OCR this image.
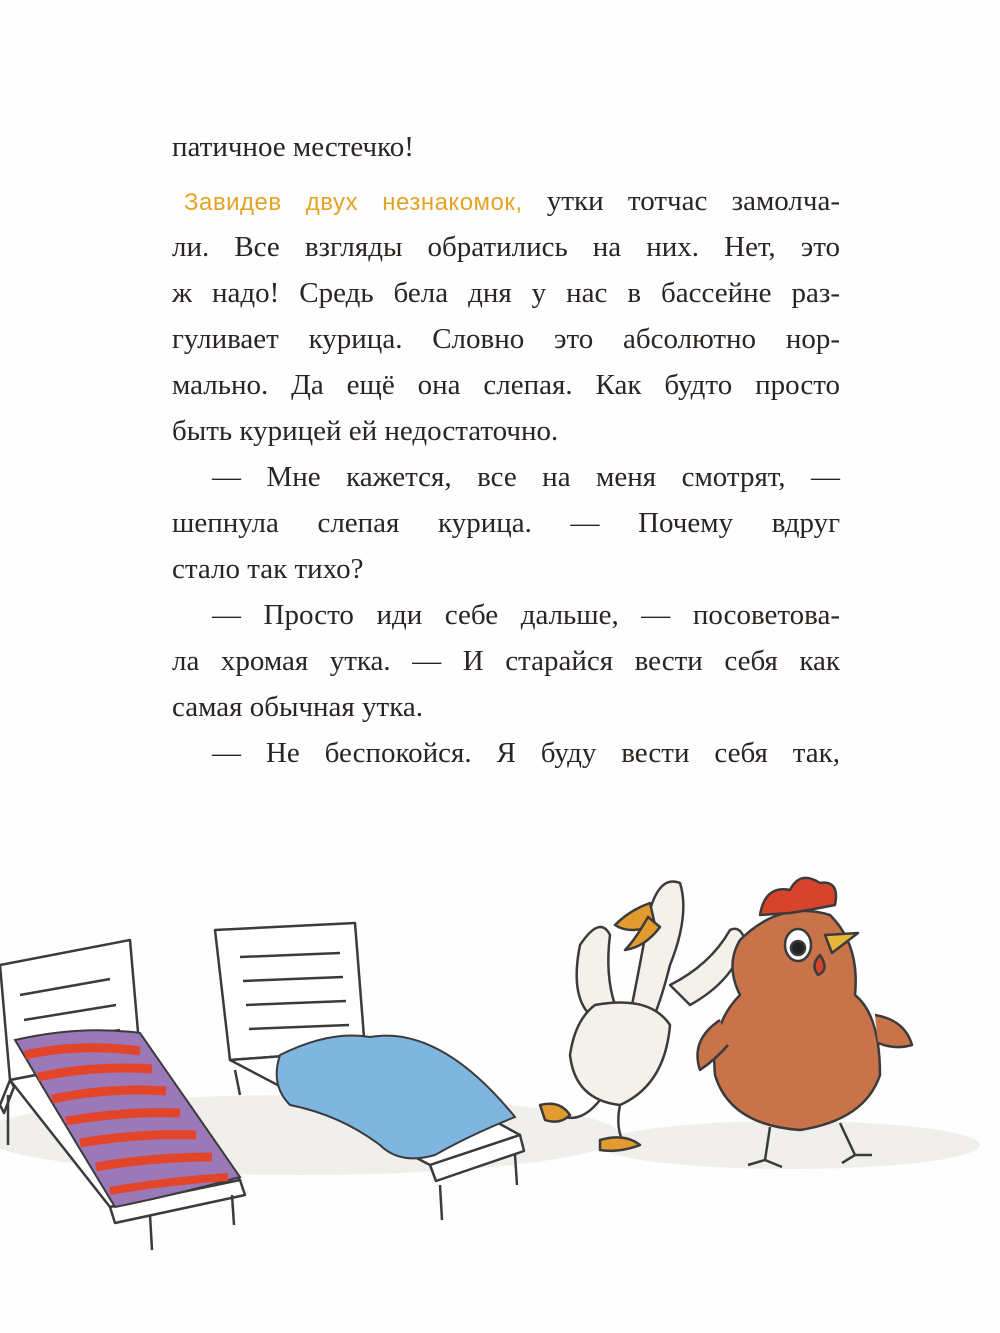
патичное местечко!
Завидев двух незнакомок, утки тотчас замолча-
ли. Все взгляды обратились на них. Нет, это
ж надо! Средь бела дня у нас в бассейне раз-
гуливает курица. Словно это абсолютно нор-
мально. Да ещё она слепая. Как будто просто
быть курицей ей недостаточно.
— Мне кажется, все на меня смотрят, —
шепнула слепая курица. — Почему вдруг
стало так тихо?
— Просто иди себе дальше, — посоветова-
ла хромая утка. — И старайся вести себя как
самая обычная утка.
— Не беспокойся. Я буду вести себя так,
